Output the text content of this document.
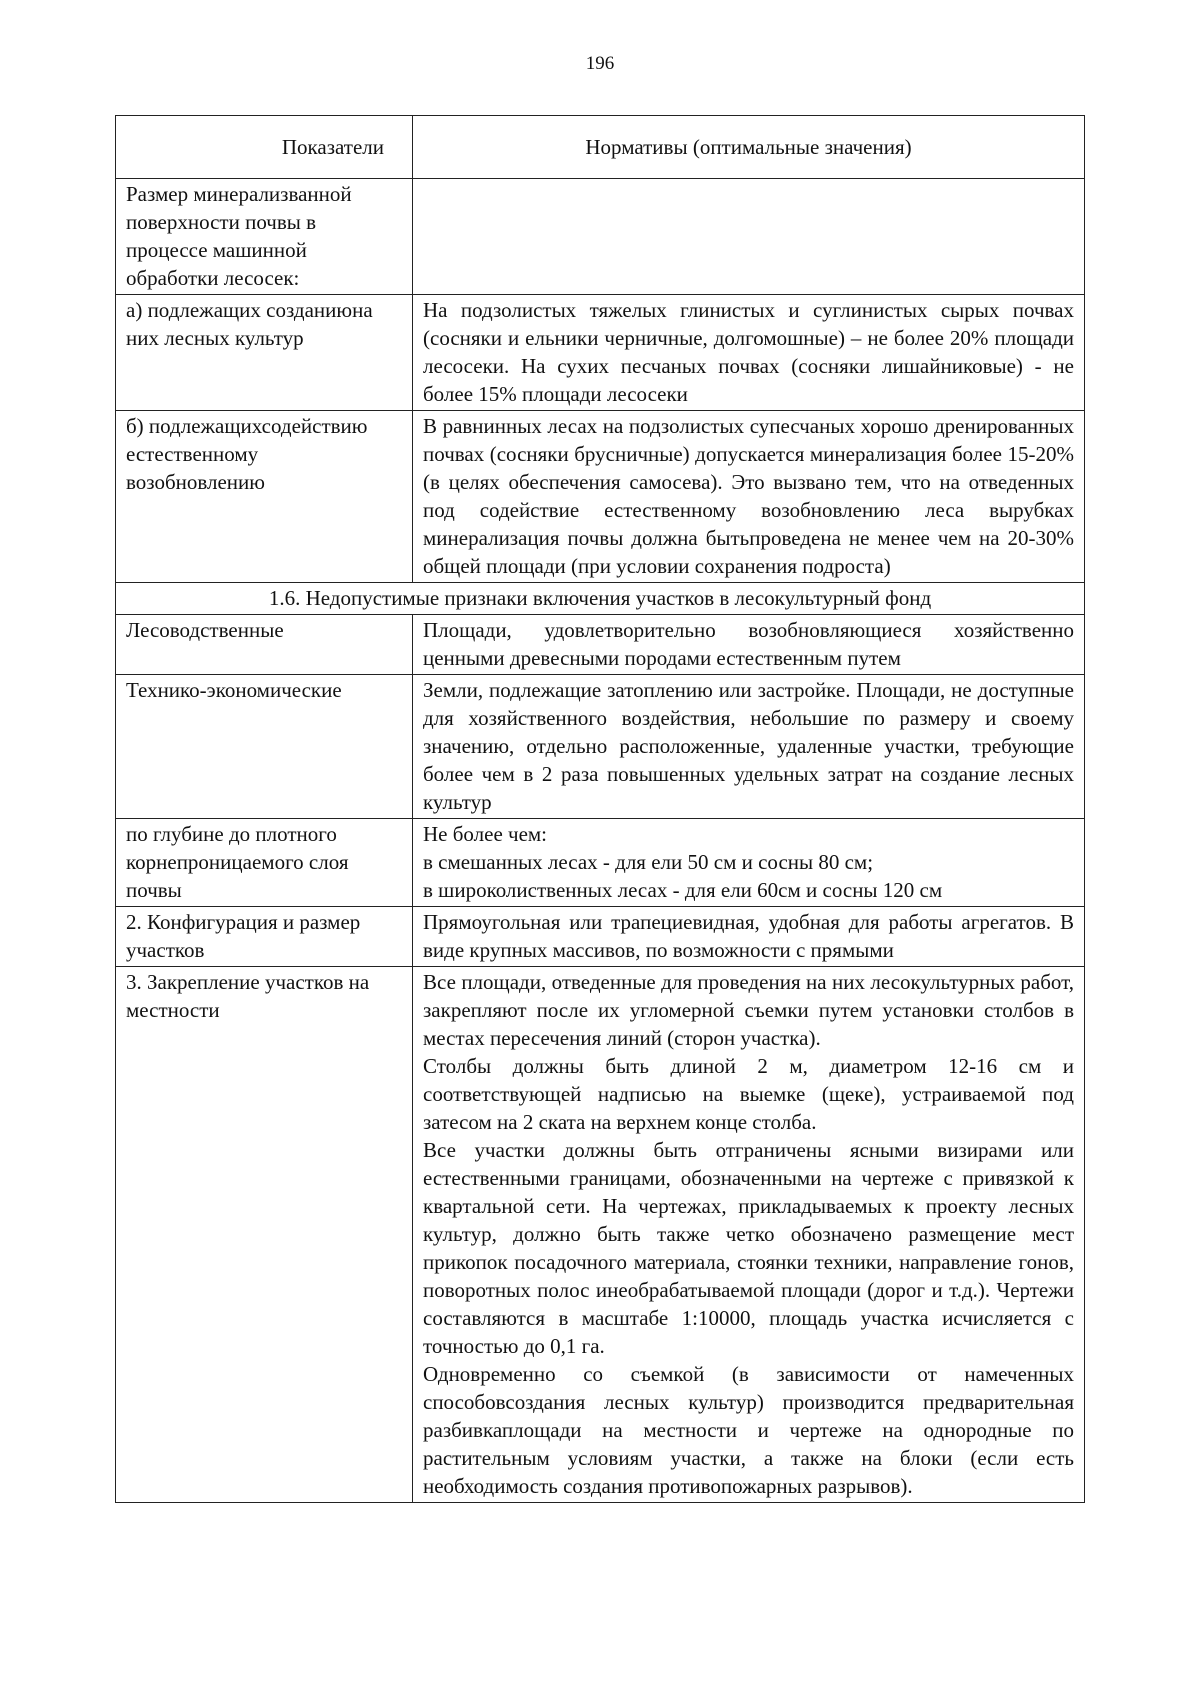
196
Показатели	Нормативы (оптимальные значения)
Размер минерализванной поверхности почвы в процессе машинной обработки лесосек:	
а) подлежащих созданиюна них лесных культур	На подзолистых тяжелых глинистых и суглинистых сырых почвах (сосняки и ельники черничные, долгомошные) – не более 20% площади лесосеки. На сухих песчаных почвах (сосняки лишайниковые) - не более 15% площади лесосеки
б) подлежащихсодействию естественному возобновлению	В равнинных лесах на подзолистых супесчаных хорошо дренированных почвах (сосняки брусничные) допускается минерализация более 15-20% (в целях обеспечения самосева). Это вызвано тем, что на отведенных под содействие естественному возобновлению леса вырубках минерализация почвы должна бытьпроведена не менее чем на 20-30% общей площади (при условии сохранения подроста)
1.6. Недопустимые признаки включения участков в лесокультурный фонд	
Лесоводственные	Площади, удовлетворительно возобновляющиеся хозяйственно ценными древесными породами естественным путем
Технико-экономические	Земли, подлежащие затоплению или застройке. Площади, не доступные для хозяйственного воздействия, небольшие по размеру и своему значению, отдельно расположенные, удаленные участки, требующие более чем в 2 раза повышенных удельных затрат на создание лесных культур
по глубине до плотного корнепроницаемого слоя почвы	Не более чем:
в смешанных лесах - для ели 50 см и сосны 80 см;
в широколиственных лесах - для ели 60см и сосны 120 см

2. Конфигурация и размер участков	Прямоугольная или трапециевидная, удобная для работы агрегатов. В виде крупных массивов, по возможности с прямыми
3. Закрепление участков на местности	Все площади, отведенные для проведения на них лесокультурных работ, закрепляют после их угломерной съемки путем установки столбов в местах пересечения линий (сторон участка).
Столбы должны быть длиной 2 м, диаметром 12-16 см и соответствующей надписью на выемке (щеке), устраиваемой под затесом на 2 ската на верхнем конце столба.
Все участки должны быть отграничены ясными визирами или естественными границами, обозначенными на чертеже с привязкой к квартальной сети. На чертежах, прикладываемых к проекту лесных культур, должно быть также четко обозначено размещение мест прикопок посадочного материала, стоянки техники, направление гонов, поворотных полос инеобрабатываемой площади (дорог и т.д.). Чертежи составляются в масштабе 1:10000, площадь участка исчисляется с точностью до 0,1 га.
Одновременно со съемкой (в зависимости от намеченных способовсоздания лесных культур) производится предварительная разбивкаплощади на местности и чертеже на однородные по растительным условиям участки, а также на блоки (если есть необходимость создания противопожарных разрывов).
